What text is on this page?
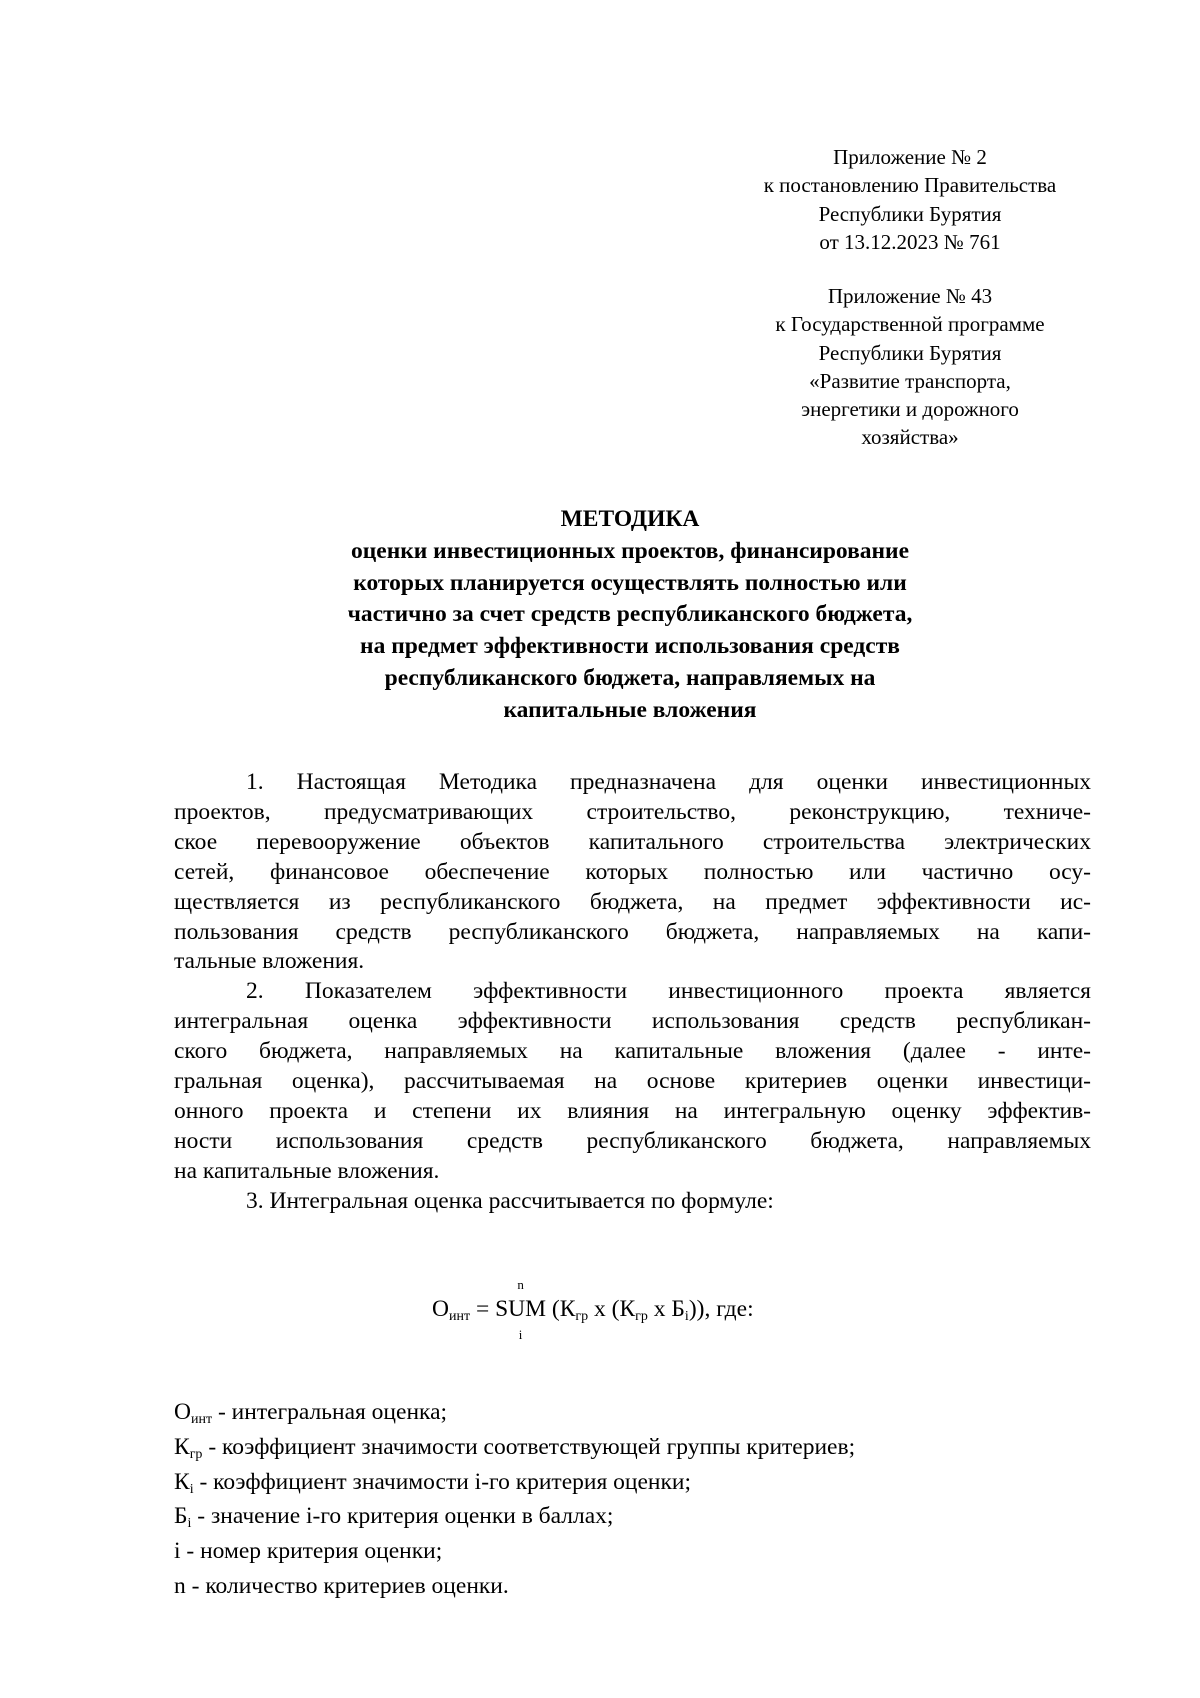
Приложение № 2
к постановлению Правительства
Республики Бурятия
от 13.12.2023 № 761
Приложение № 43
к Государственной программе
Республики Бурятия
«Развитие транспорта,
энергетики и дорожного
хозяйства»
МЕТОДИКА
оценки инвестиционных проектов, финансирование
которых планируется осуществлять полностью или
частично за счет средств республиканского бюджета,
на предмет эффективности использования средств
республиканского бюджета, направляемых на
капитальные вложения
1. Настоящая Методика предназначена для оценки инвестиционных
проектов, предусматривающих строительство, реконструкцию, техниче-
ское перевооружение объектов капитального строительства электрических
сетей, финансовое обеспечение которых полностью или частично осу-
ществляется из республиканского бюджета, на предмет эффективности ис-
пользования средств республиканского бюджета, направляемых на капи-
тальные вложения.
2. Показателем эффективности инвестиционного проекта является
интегральная оценка эффективности использования средств республикан-
ского бюджета, направляемых на капитальные вложения (далее - инте-
гральная оценка), рассчитываемая на основе критериев оценки инвестици-
онного проекта и степени их влияния на интегральную оценку эффектив-
ности использования средств республиканского бюджета, направляемых
на капитальные вложения.
3. Интегральная оценка рассчитывается по формуле:
$О_{инт}$ =
n
SUM
i
($К_{гр}$ х ($К_{гр}$ х $Б_i$)), где:
$О_{инт}$ - интегральная оценка;
$К_{гр}$ - коэффициент значимости соответствующей группы критериев;
$К_i$ - коэффициент значимости i-го критерия оценки;
$Б_i$ - значение i-го критерия оценки в баллах;
i - номер критерия оценки;
n - количество критериев оценки.
